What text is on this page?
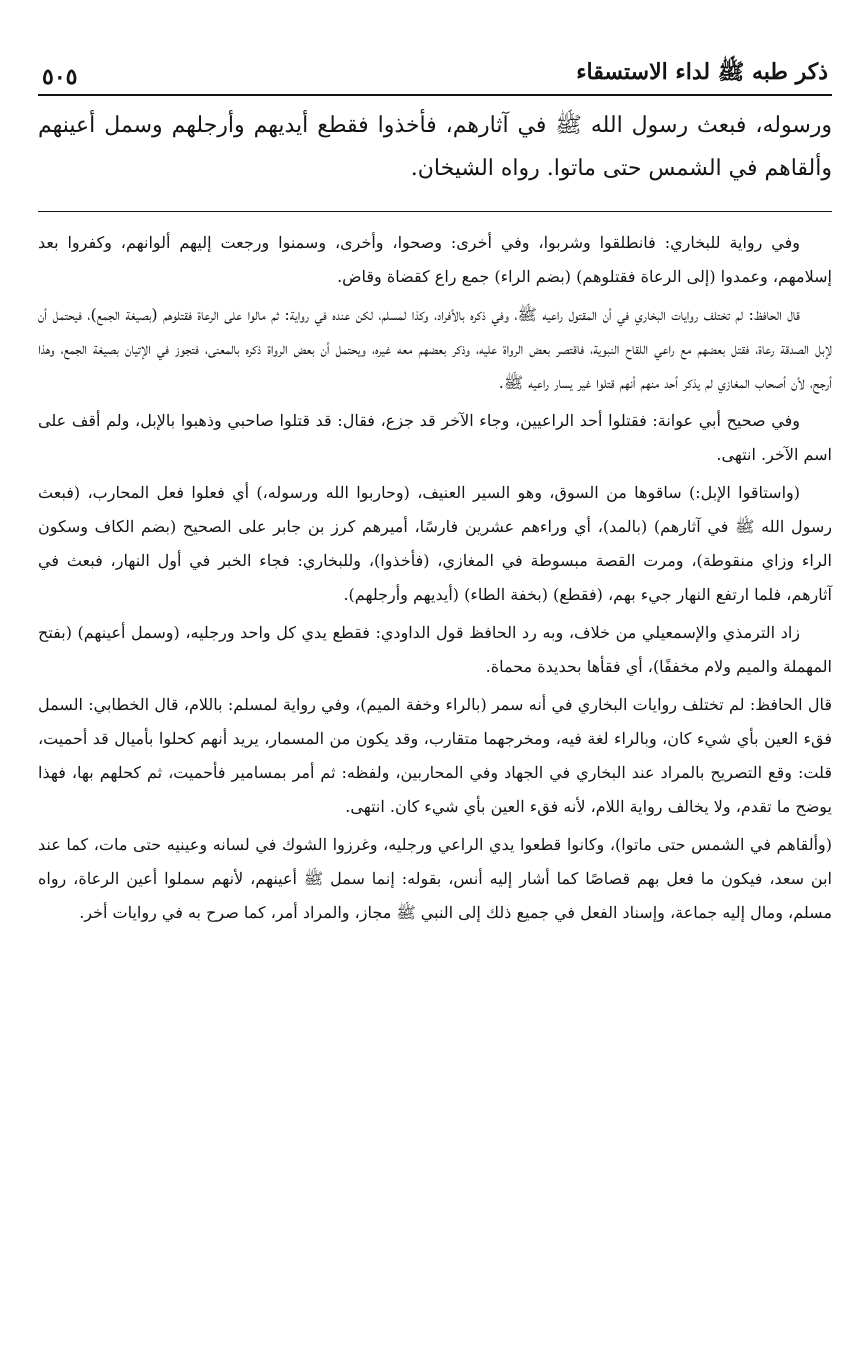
ذكر طبه ﷺ لداء الاستسقاء
٥٠٥

ورسوله، فبعث رسول الله ﷺ في آثارهم، فأخذوا فقطع أيديهم وأرجلهم وسمل أعينهم وألقاهم في الشمس حتى ماتوا. رواه الشيخان.

وفي رواية للبخاري: فانطلقوا وشربوا، وفي أخرى: وصحوا، وأخرى، وسمنوا ورجعت إليهم ألوانهم، وكفروا بعد إسلامهم، وعمدوا (إلى الرعاة فقتلوهم) (بضم الراء) جمع راع كقضاة وقاض.

قال الحافظ: لم تختلف روايات البخاري في أن المقتول راعيه ﷺ، وفي ذكره بالأفراد، وكذا لمسلم، لكن عنده في رواية: ثم مالوا على الرعاة فقتلوهم (بصيغة الجمع)، فيحتمل أن لإبل الصدقة رعاة، فقتل بعضهم مع راعي اللقاح النبوية، فاقتصر بعض الرواة عليه، وذكر بعضهم معه غيره، ويحتمل أن بعض الرواة ذكره بالمعنى، فتجوز في الإتيان بصيغة الجمع، وهذا أرجح، لأن أصحاب المغازي لم يذكر أحد منهم أنهم قتلوا غير يسار راعيه ﷺ.

وفي صحيح أبي عوانة: فقتلوا أحد الراعيين، وجاء الآخر قد جزع، فقال: قد قتلوا صاحبي وذهبوا بالإبل، ولم أقف على اسم الآخر. انتهى.

(واستاقوا الإبل:) ساقوها من السوق، وهو السير العنيف، (وحاربوا الله ورسوله،) أي فعلوا فعل المحارب، (فبعث رسول الله ﷺ في آثارهم) (بالمد)، أي وراءهم عشرين فارسًا، أميرهم كرز بن جابر على الصحيح (بضم الكاف وسكون الراء وزاي منقوطة)، ومرت القصة مبسوطة في المغازي، (فأخذوا)، وللبخاري: فجاء الخبر في أول النهار، فبعث في آثارهم، فلما ارتفع النهار جيء بهم، (فقطع) (بخفة الطاء) (أيديهم وأرجلهم).

زاد الترمذي والإسمعيلي من خلاف، وبه رد الحافظ قول الداودي: فقطع يدي كل واحد ورجليه، (وسمل أعينهم) (بفتح المهملة والميم ولام مخففًا)، أي فقأها بحديدة محماة.

قال الحافظ: لم تختلف روايات البخاري في أنه سمر (بالراء وخفة الميم)، وفي رواية لمسلم: باللام، قال الخطابي: السمل فقء العين بأي شيء كان، وبالراء لغة فيه، ومخرجهما متقارب، وقد يكون من المسمار، يريد أنهم كحلوا بأميال قد أحميت، قلت: وقع التصريح بالمراد عند البخاري في الجهاد وفي المحاربين، ولفظه: ثم أمر بمسامير فأحميت، ثم كحلهم بها، فهذا يوضح ما تقدم، ولا يخالف رواية اللام، لأنه فقء العين بأي شيء كان. انتهى.

(وألقاهم في الشمس حتى ماتوا)، وكانوا قطعوا يدي الراعي ورجليه، وغرزوا الشوك في لسانه وعينيه حتى مات، كما عند ابن سعد، فيكون ما فعل بهم قصاصًا كما أشار إليه أنس، بقوله: إنما سمل ﷺ أعينهم، لأنهم سملوا أعين الرعاة، رواه مسلم، ومال إليه جماعة، وإسناد الفعل في جميع ذلك إلى النبي ﷺ مجاز، والمراد أمر، كما صرح به في روايات أخر.
